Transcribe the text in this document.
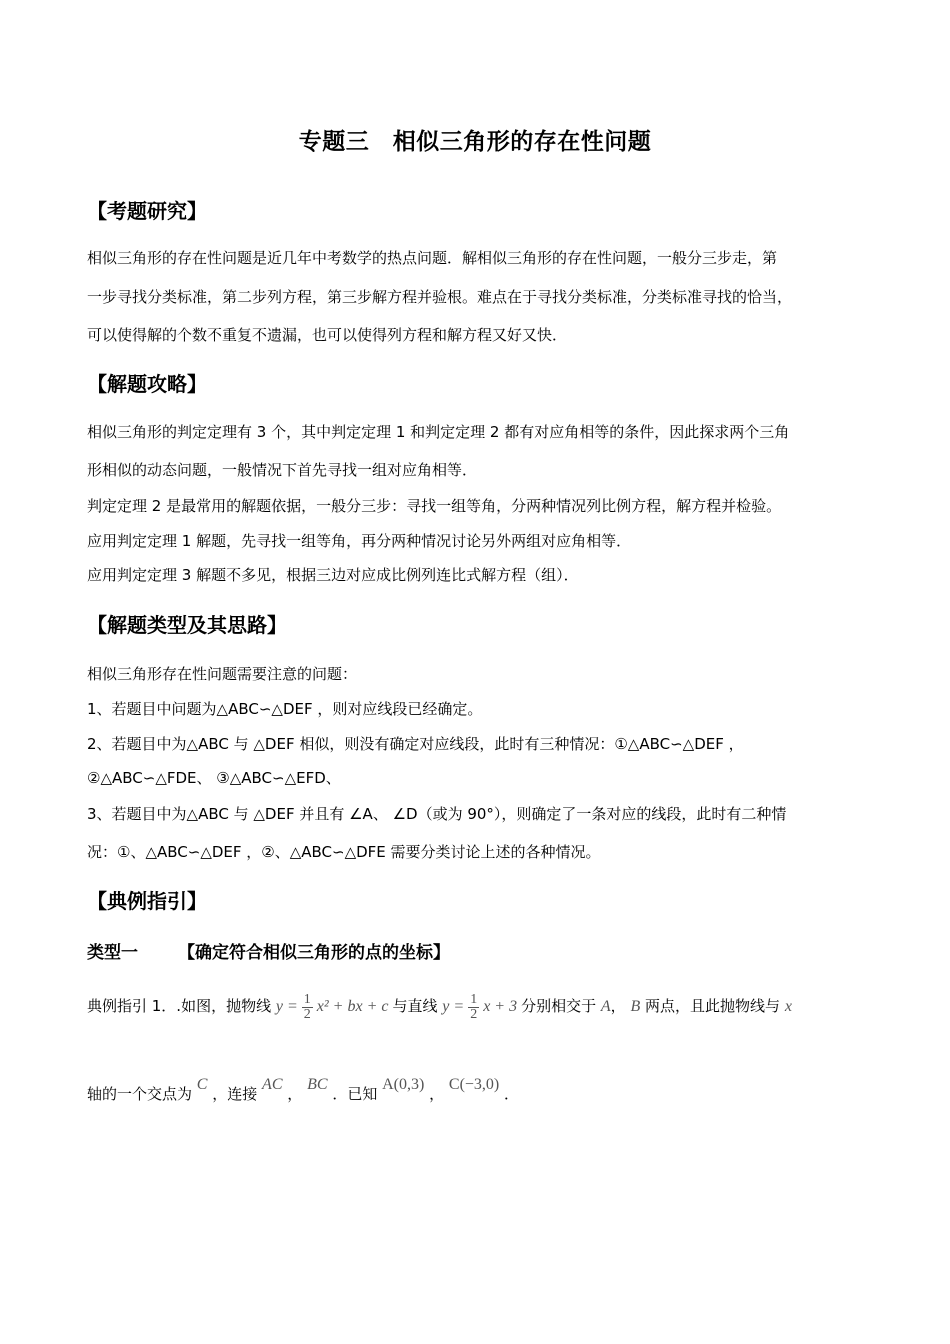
专题三　相似三角形的存在性问题
【考题研究】
相似三角形的存在性问题是近几年中考数学的热点问题．解相似三角形的存在性问题，一般分三步走，第
一步寻找分类标准，第二步列方程，第三步解方程并验根。难点在于寻找分类标准，分类标准寻找的恰当，
可以使得解的个数不重复不遗漏，也可以使得列方程和解方程又好又快．
【解题攻略】
相似三角形的判定定理有 3 个，其中判定定理 1 和判定定理 2 都有对应角相等的条件，因此探求两个三角
形相似的动态问题，一般情况下首先寻找一组对应角相等．
判定定理 2 是最常用的解题依据，一般分三步：寻找一组等角，分两种情况列比例方程，解方程并检验。
应用判定定理 1 解题，先寻找一组等角，再分两种情况讨论另外两组对应角相等．
应用判定定理 3 解题不多见，根据三边对应成比例列连比式解方程（组）．
【解题类型及其思路】
相似三角形存在性问题需要注意的问题：
1、若题目中问题为△ABC∽△DEF ，则对应线段已经确定。
2、若题目中为△ABC 与 △DEF 相似，则没有确定对应线段，此时有三种情况：①△ABC∽△DEF ，
②△ABC∽△FDE、 ③△ABC∽△EFD、
3、若题目中为△ABC 与 △DEF 并且有 ∠A、 ∠D（或为 90°），则确定了一条对应的线段，此时有二种情
况：①、△ABC∽△DEF ，②、△ABC∽△DFE 需要分类讨论上述的各种情况。
【典例指引】
类型一 【确定符合相似三角形的点的坐标】
典例指引 1．.如图，抛物线 $y = \frac{1}{2} x^2$ + bx + c 与直线 $y = \frac{1}{2}$ x + 3 分别相交于 A， B 两点，且此抛物线与 x
轴的一个交点为 C ，连接 AC ， BC ．已知 A(0,3) ， C(−3,0) ．
